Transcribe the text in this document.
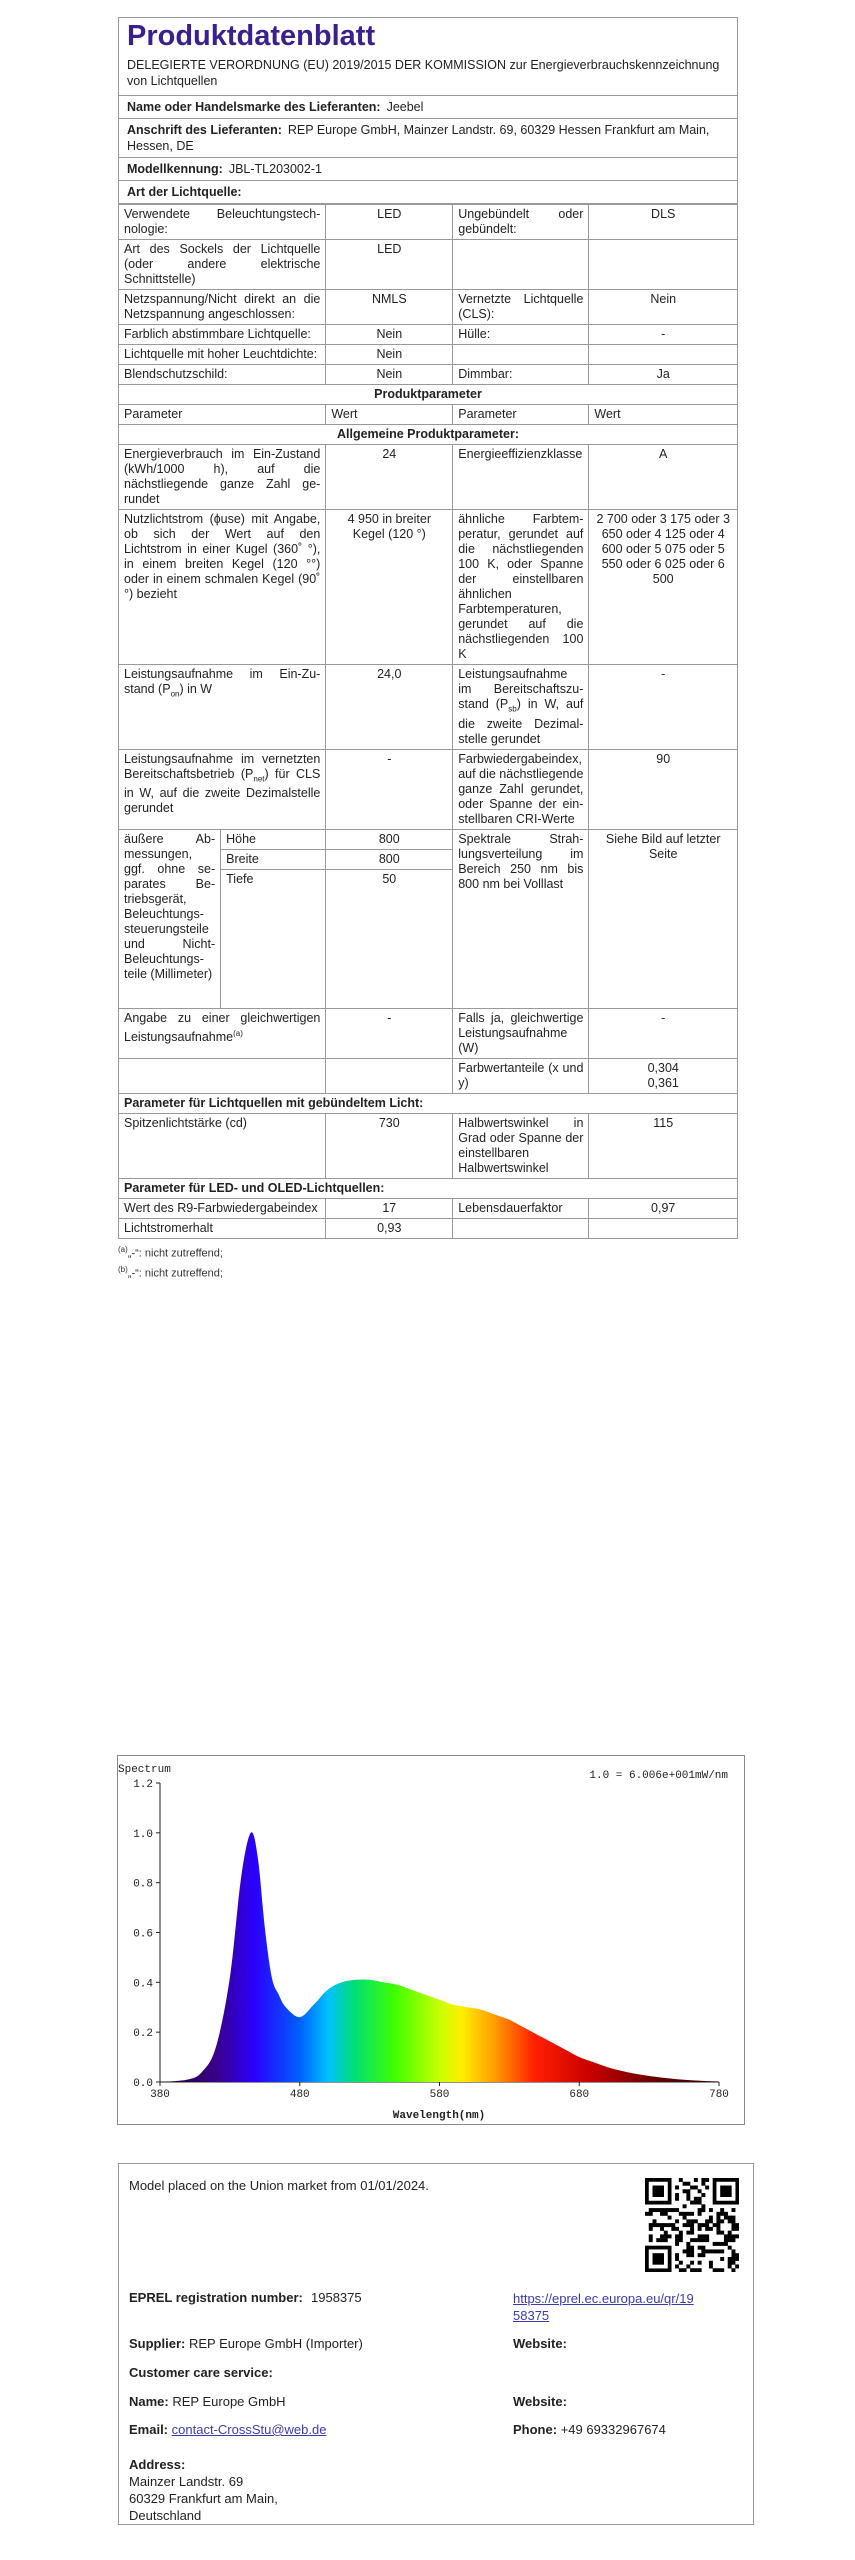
Produktdatenblatt
DELEGIERTE VERORDNUNG (EU) 2019/2015 DER KOMMISSION zur Energieverbrauchskennzeichnung von Lichtquellen
Name oder Handelsmarke des Lieferanten: Jeebel
Anschrift des Lieferanten: REP Europe GmbH, Mainzer Landstr. 69, 60329 Hessen Frankfurt am Main, Hessen, DE
Modellkennung: JBL-TL203002-1
Art der Lichtquelle:
Verwendete Beleuchtungstechnologie:	LED	Ungebündelt oder gebündelt:	DLS
Art des Sockels der Lichtquelle (oder andere elektrische Schnittstelle)	LED		
Netzspannung/Nicht direkt an die Netzspannung angeschlossen:	NMLS	Vernetzte Lichtquelle (CLS):	Nein
Farblich abstimmbare Lichtquelle:	Nein	Hülle:	-
Lichtquelle mit hoher Leuchtdichte:	Nein		
Blendschutzschild:	Nein	Dimmbar:	Ja
Produktparameter				
Parameter		Wert	Parameter	Wert
Allgemeine Produktparameter:				
Energieverbrauch im Ein-Zustand (kWh/1000 h), auf die nächstliegende ganze Zahl gerundet		24	Energieeffizienzklasse	A
Nutzlichtstrom (ɸuse) mit Angabe, ob sich der Wert auf den Lichtstrom in einer Kugel (360˚ °), in einem breiten Kegel (120 °°) oder in einem schmalen Kegel (90˚ °) bezieht		4 950 in breiter Kegel (120 °)	ähnliche Farbtemperatur, gerundet auf die nächstliegenden 100 K, oder Spanne der einstellbaren ähnlichen Farbtemperaturen, gerundet auf die nächstliegenden 100 K	2 700 oder 3 175 oder 3 650 oder 4 125 oder 4 600 oder 5 075 oder 5 550 oder 6 025 oder 6 500
Leistungsaufnahme im Ein-Zustand $(P_{on})$ in W		24,0	Leistungsaufnahme im Bereitschaftszustand $(P_{sb})$ in W, auf die zweite Dezimalstelle gerundet	-
Leistungsaufnahme im vernetzten Bereitschaftsbetrieb $(P_{net})$ für CLS in W, auf die zweite Dezimalstelle gerundet		-	Farbwiedergabeindex, auf die nächstliegende ganze Zahl gerundet, oder Spanne der einstellbaren CRI-Werte	90
äußere Abmessungen, ggf. ohne separates Betriebsgerät, Beleuchtungssteuerungsteile und Nicht-Beleuchtungsteile (Millimeter)	Höhe	800	Spektrale Strahlungsverteilung im Bereich 250 nm bis 800 nm bei Volllast	Siehe Bild auf letzter Seite
	Breite	800		
	Tiefe	50		

Angabe zu einer gleichwertigen Leistungsaufnahme$^{(a)}$		-	Falls ja, gleichwertige Leistungsaufnahme (W)	-
			Farbwertanteile (x und y)	0,304
0,361

Parameter für Lichtquellen mit gebündeltem Licht:				
Spitzenlichtstärke (cd)		730	Halbwertswinkel in Grad oder Spanne der einstellbaren Halbwertswinkel	115
Parameter für LED- und OLED-Lichtquellen:				
Wert des R9-Farbwiedergabeindex		17	Lebensdauerfaktor	0,97
Lichtstromerhalt		0,93		
$^{(a)}$„-“: nicht zutreffend;
$^{(b)}$„-“: nicht zutreffend;
380	480	580	680	780
0.0
0.2
0.4
0.6
0.8
1.0
1.2
Spectrum	1.0 = 6.006e+001mW/nm
Wavelength(nm)
Model placed on the Union market from 01/01/2024.
EPREL registration number: 1958375	https://eprel.ec.europa.eu/qr/19
58375
Supplier: REP Europe GmbH (Importer)	Website:
Customer care service:
Name: REP Europe GmbH	Website:
Email: contact-CrossStu@web.de	Phone: +49 69332967674
Address:
Mainzer Landstr. 69
60329 Frankfurt am Main,
Deutschland
